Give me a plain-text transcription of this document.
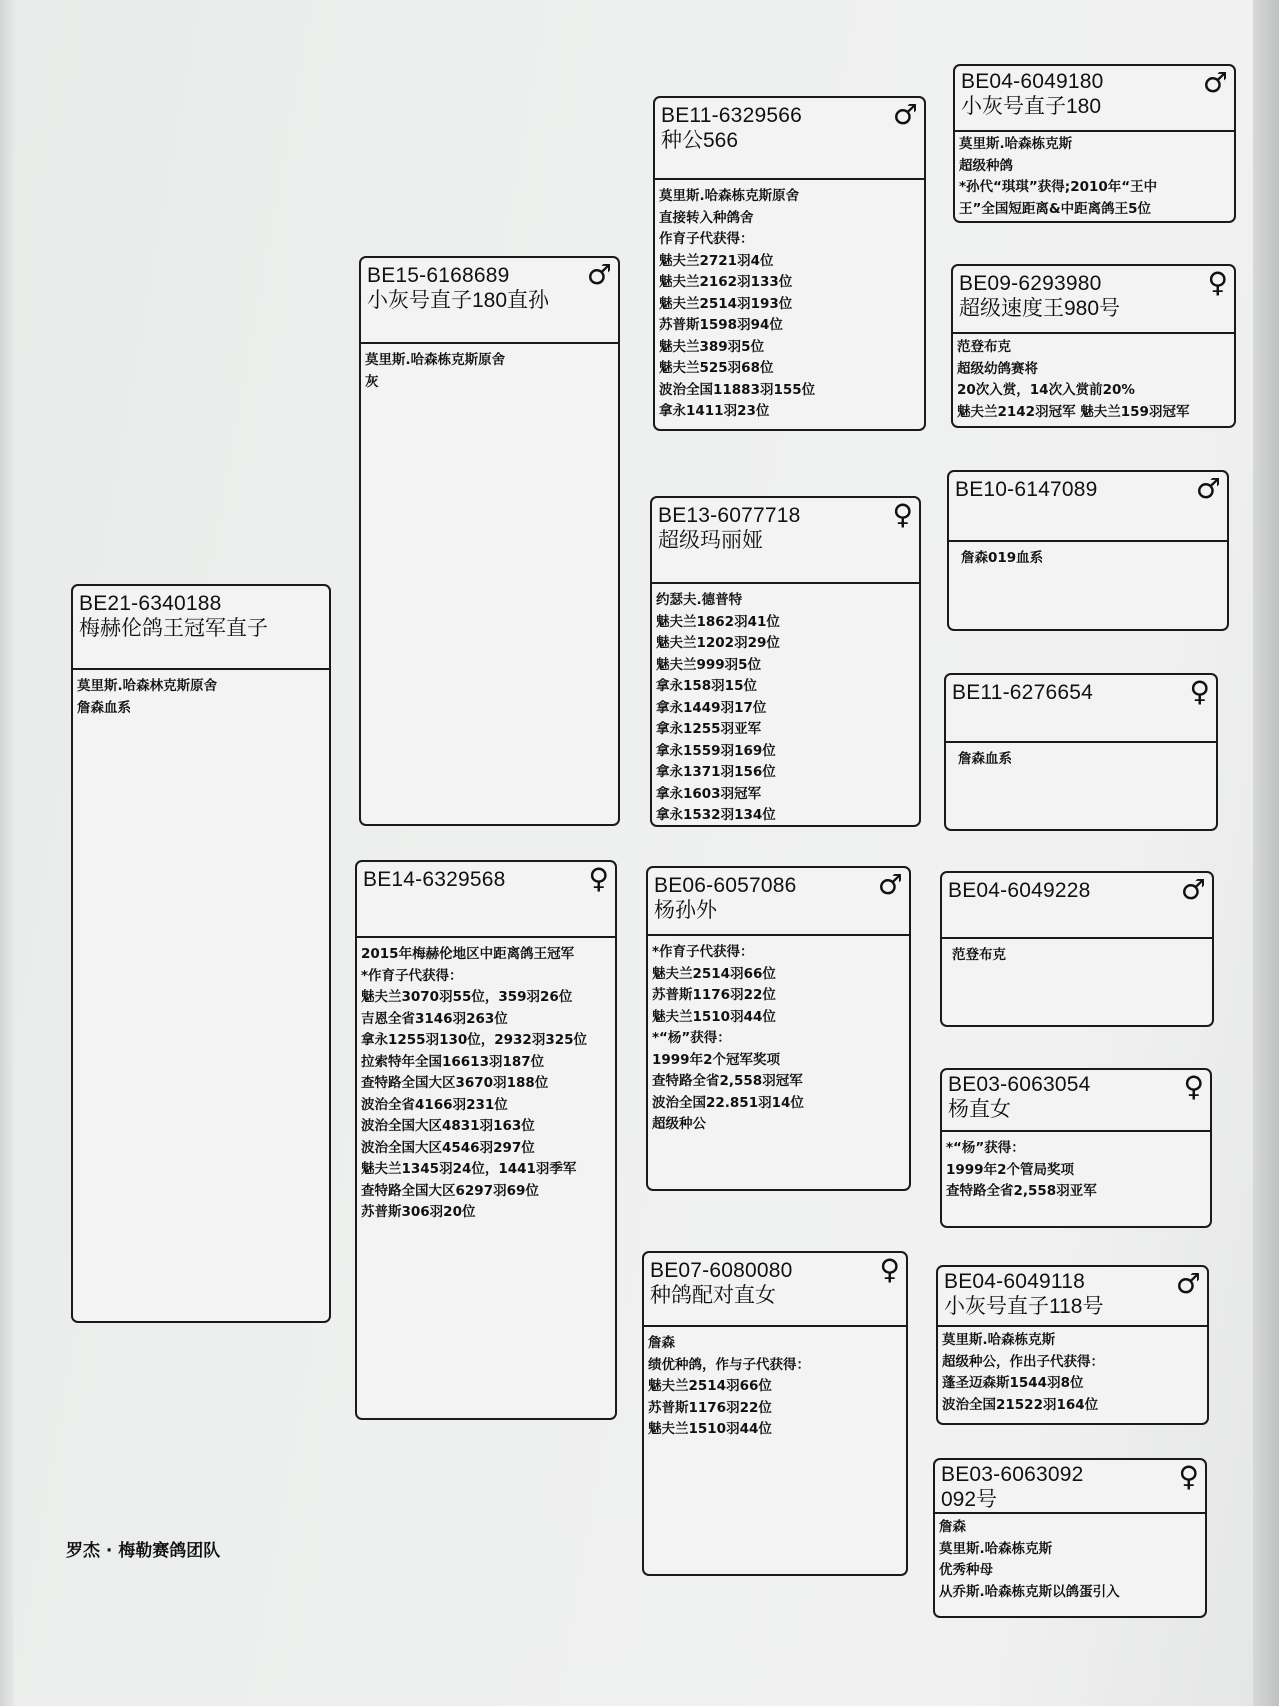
BE21-6340188
梅赫伦鸽王冠军直子
莫里斯.哈森林克斯原舍
詹森血系
BE15-6168689
小灰号直子180直孙
♂
莫里斯.哈森栋克斯原舍
灰
BE14-6329568	♀
2015年梅赫伦地区中距离鸽王冠军
*作育子代获得：
魅夫兰3070羽55位，359羽26位
吉恩全省3146羽263位
拿永1255羽130位，2932羽325位
拉索特年全国16613羽187位
查特路全国大区3670羽188位
波治全省4166羽231位
波治全国大区4831羽163位
波治全国大区4546羽297位
魅夫兰1345羽24位，1441羽季军
查特路全国大区6297羽69位
苏普斯306羽20位
BE11-6329566
种公566
♂
莫里斯.哈森栋克斯原舍
直接转入种鸽舍
作育子代获得：
魅夫兰2721羽4位
魅夫兰2162羽133位
魅夫兰2514羽193位
苏普斯1598羽94位
魅夫兰389羽5位
魅夫兰525羽68位
波治全国11883羽155位
拿永1411羽23位
BE13-6077718
超级玛丽娅
♀
约瑟夫.德普特
魅夫兰1862羽41位
魅夫兰1202羽29位
魅夫兰999羽5位
拿永158羽15位
拿永1449羽17位
拿永1255羽亚军
拿永1559羽169位
拿永1371羽156位
拿永1603羽冠军
拿永1532羽134位
BE06-6057086
杨孙外
♂
*作育子代获得：
魅夫兰2514羽66位
苏普斯1176羽22位
魅夫兰1510羽44位
*“杨”获得：
1999年2个冠军奖项
查特路全省2,558羽冠军
波治全国22.851羽14位
超级种公
BE07-6080080
种鸽配对直女
♀
詹森
绩优种鸽，作与子代获得：
魅夫兰2514羽66位
苏普斯1176羽22位
魅夫兰1510羽44位
BE04-6049180
小灰号直子180
♂
莫里斯.哈森栋克斯
超级种鸽
*孙代“琪琪”获得;2010年“王中
王”全国短距离&中距离鸽王5位
BE09-6293980
超级速度王980号
♀
范登布克
超级幼鸽赛将
20次入赏，14次入赏前20%
魅夫兰2142羽冠军 魅夫兰159羽冠军
BE10-6147089	♂
詹森019血系
BE11-6276654	♀
詹森血系
BE04-6049228	♂
范登布克
BE03-6063054
杨直女
♀
*“杨”获得：
1999年2个管局奖项
查特路全省2,558羽亚军
BE04-6049118
小灰号直子118号
♂
莫里斯.哈森栋克斯
超级种公，作出子代获得：
蓬圣迈森斯1544羽8位
波治全国21522羽164位
BE03-6063092
092号
♀
詹森
莫里斯.哈森栋克斯
优秀种母
从乔斯.哈森栋克斯以鸽蛋引入
罗杰 · 梅勒赛鸽团队
